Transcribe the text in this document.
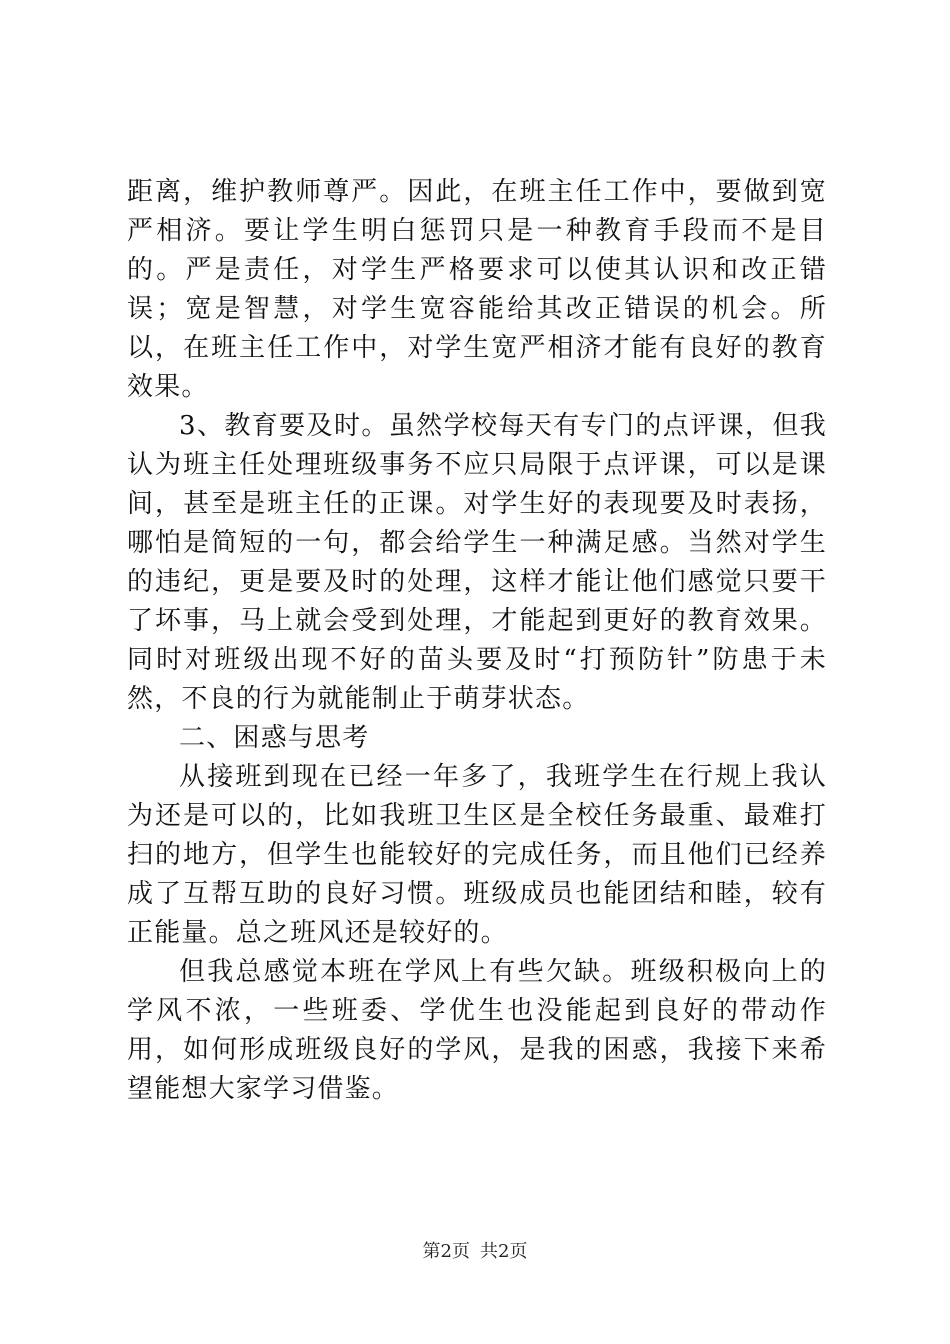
距离，维护教师尊严。因此，在班主任工作中，要做到宽严相济。要让学生明白惩罚只是一种教育手段而不是目的。严是责任，对学生严格要求可以使其认识和改正错误；宽是智慧，对学生宽容能给其改正错误的机会。所以，在班主任工作中，对学生宽严相济才能有良好的教育效果。

3、教育要及时。虽然学校每天有专门的点评课，但我认为班主任处理班级事务不应只局限于点评课，可以是课间，甚至是班主任的正课。对学生好的表现要及时表扬，哪怕是简短的一句，都会给学生一种满足感。当然对学生的违纪，更是要及时的处理，这样才能让他们感觉只要干了坏事，马上就会受到处理，才能起到更好的教育效果。同时对班级出现不好的苗头要及时“打预防针”防患于未然，不良的行为就能制止于萌芽状态。

二、困惑与思考

从接班到现在已经一年多了，我班学生在行规上我认为还是可以的，比如我班卫生区是全校任务最重、最难打扫的地方，但学生也能较好的完成任务，而且他们已经养成了互帮互助的良好习惯。班级成员也能团结和睦，较有正能量。总之班风还是较好的。

但我总感觉本班在学风上有些欠缺。班级积极向上的学风不浓，一些班委、学优生也没能起到良好的带动作用，如何形成班级良好的学风，是我的困惑，我接下来希望能想大家学习借鉴。

第2页 共2页
